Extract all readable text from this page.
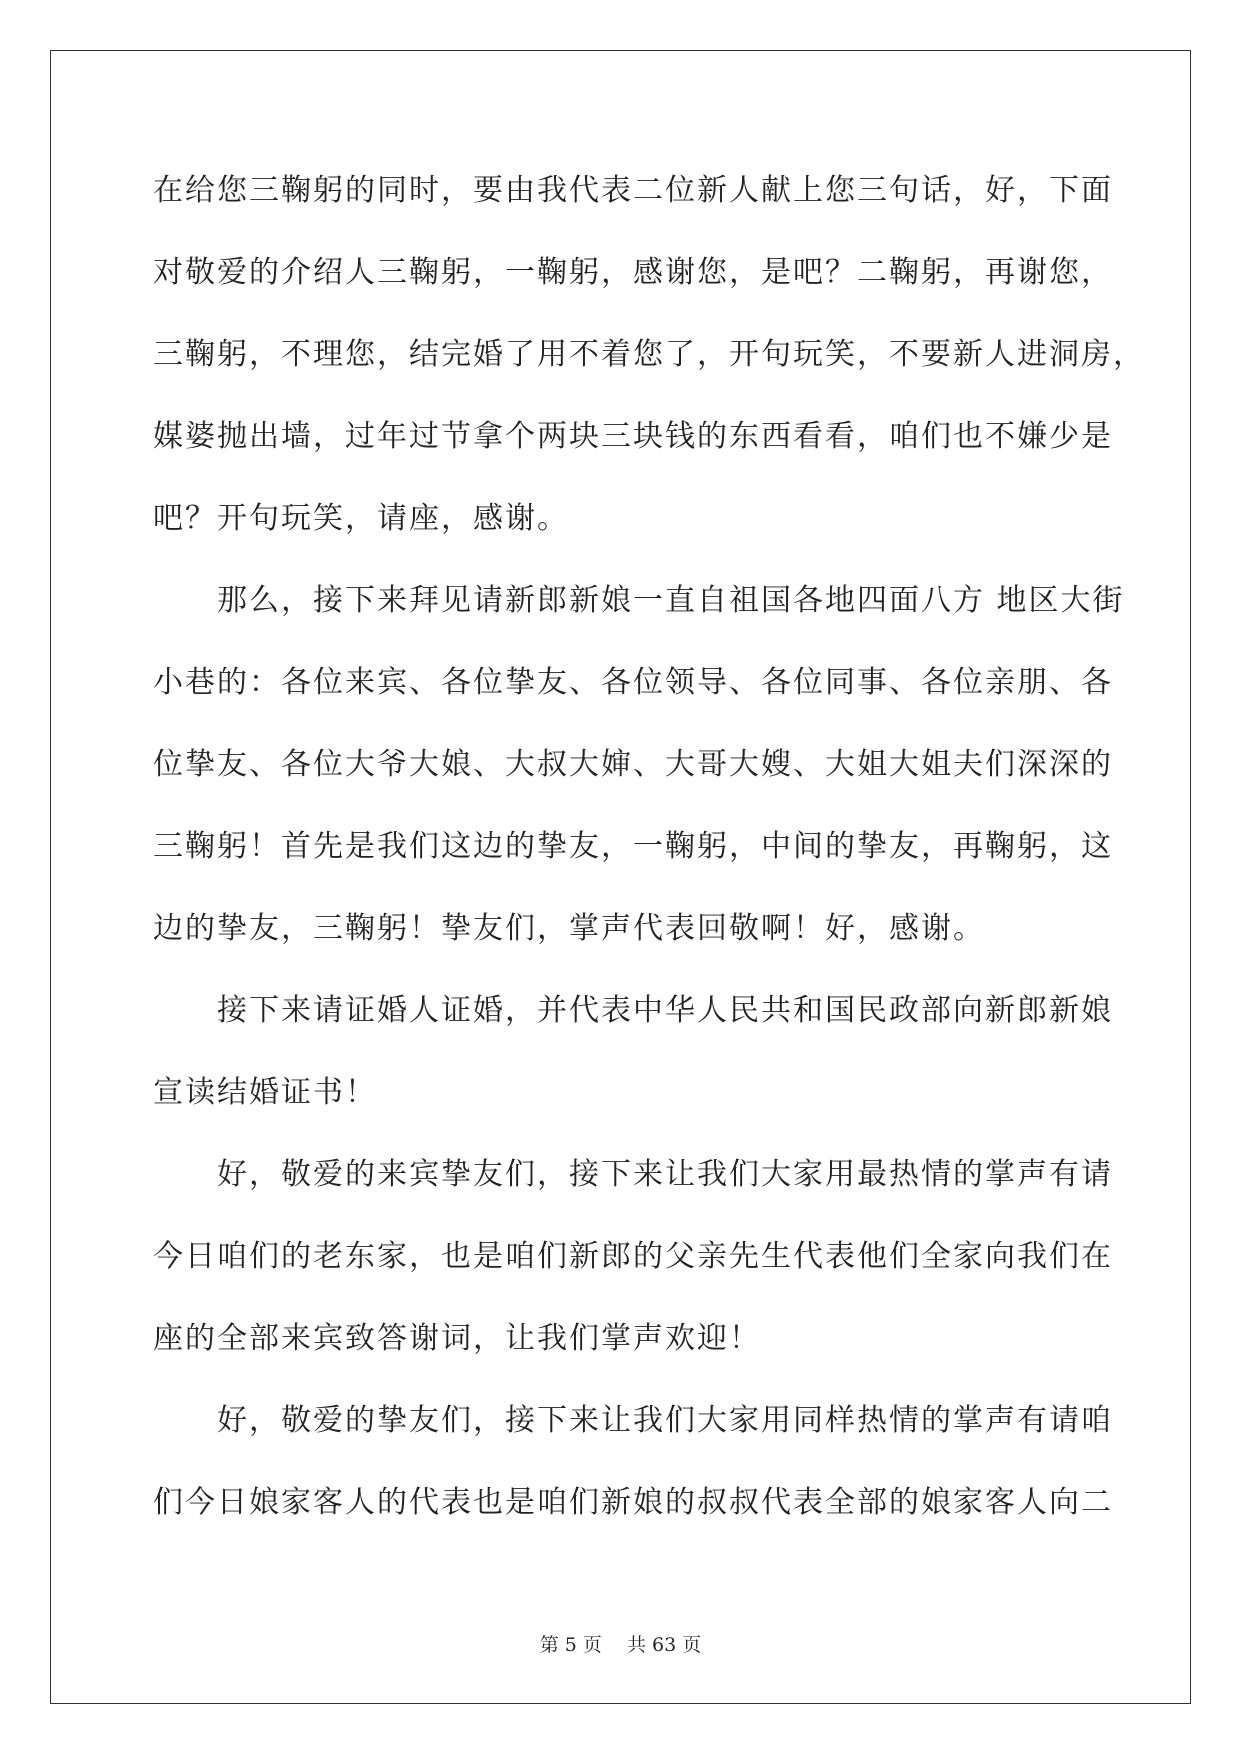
在给您三鞠躬的同时，要由我代表二位新人献上您三句话，好，下面
对敬爱的介绍人三鞠躬，一鞠躬，感谢您，是吧？二鞠躬，再谢您，
三鞠躬，不理您，结完婚了用不着您了，开句玩笑，不要新人进洞房，
媒婆抛出墙，过年过节拿个两块三块钱的东西看看，咱们也不嫌少是
吧？开句玩笑，请座，感谢。
　　那么，接下来拜见请新郎新娘一直自祖国各地四面八方 地区大街
小巷的：各位来宾、各位挚友、各位领导、各位同事、各位亲朋、各
位挚友、各位大爷大娘、大叔大婶、大哥大嫂、大姐大姐夫们深深的
三鞠躬！首先是我们这边的挚友，一鞠躬，中间的挚友，再鞠躬，这
边的挚友，三鞠躬！挚友们，掌声代表回敬啊！好，感谢。
　　接下来请证婚人证婚，并代表中华人民共和国民政部向新郎新娘
宣读结婚证书！
　　好，敬爱的来宾挚友们，接下来让我们大家用最热情的掌声有请
今日咱们的老东家，也是咱们新郎的父亲先生代表他们全家向我们在
座的全部来宾致答谢词，让我们掌声欢迎！
　　好，敬爱的挚友们，接下来让我们大家用同样热情的掌声有请咱
们今日娘家客人的代表也是咱们新娘的叔叔代表全部的娘家客人向二
第 5 页　 共 63 页
